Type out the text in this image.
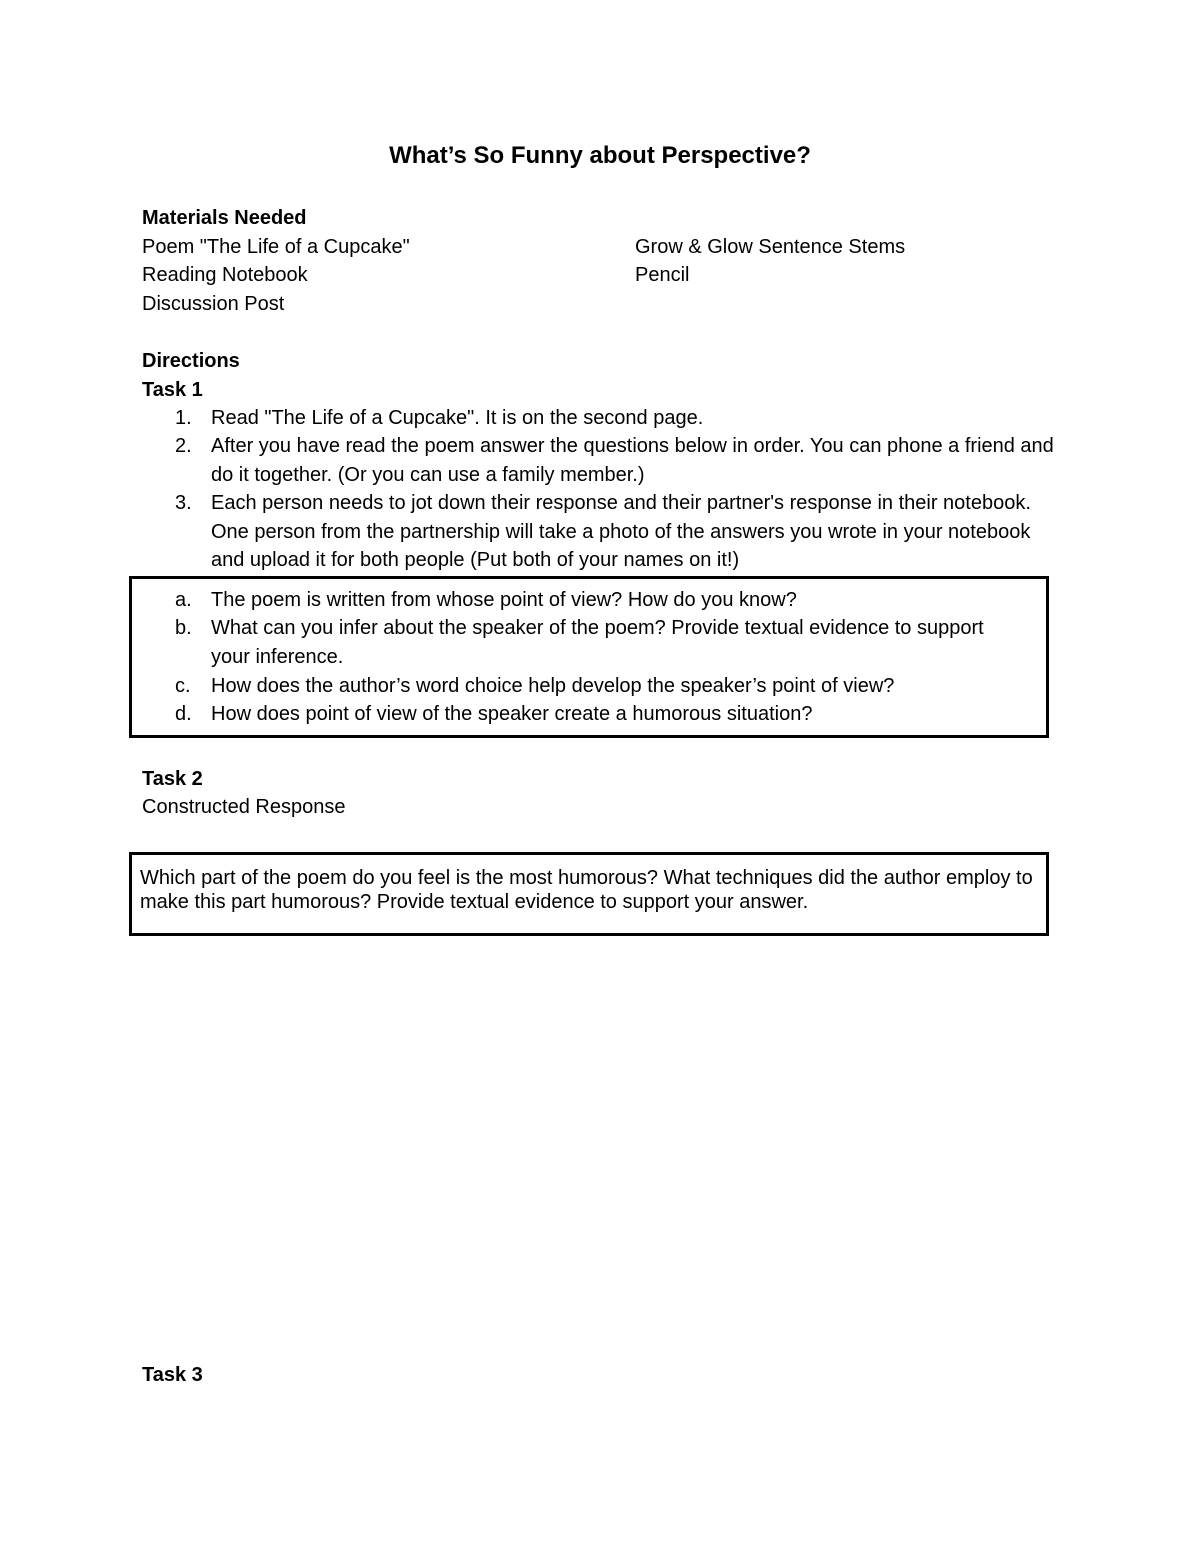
What’s So Funny about Perspective?
Materials Needed
Poem "The Life of a Cupcake"
Reading Notebook
Discussion Post
Grow & Glow Sentence Stems
Pencil
Directions
Task 1
1. Read "The Life of a Cupcake". It is on the second page.
2. After you have read the poem answer the questions below in order. You can phone a friend and do it together. (Or you can use a family member.)
3. Each person needs to jot down their response and their partner's response in their notebook. One person from the partnership will take a photo of the answers you wrote in your notebook and upload it for both people (Put both of your names on it!)
a. The poem is written from whose point of view? How do you know?
b. What can you infer about the speaker of the poem? Provide textual evidence to support your inference.
c. How does the author’s word choice help develop the speaker’s point of view?
d. How does point of view of the speaker create a humorous situation?
Task 2
Constructed Response
Which part of the poem do you feel is the most humorous? What techniques did the author employ to make this part humorous? Provide textual evidence to support your answer.
Task 3
